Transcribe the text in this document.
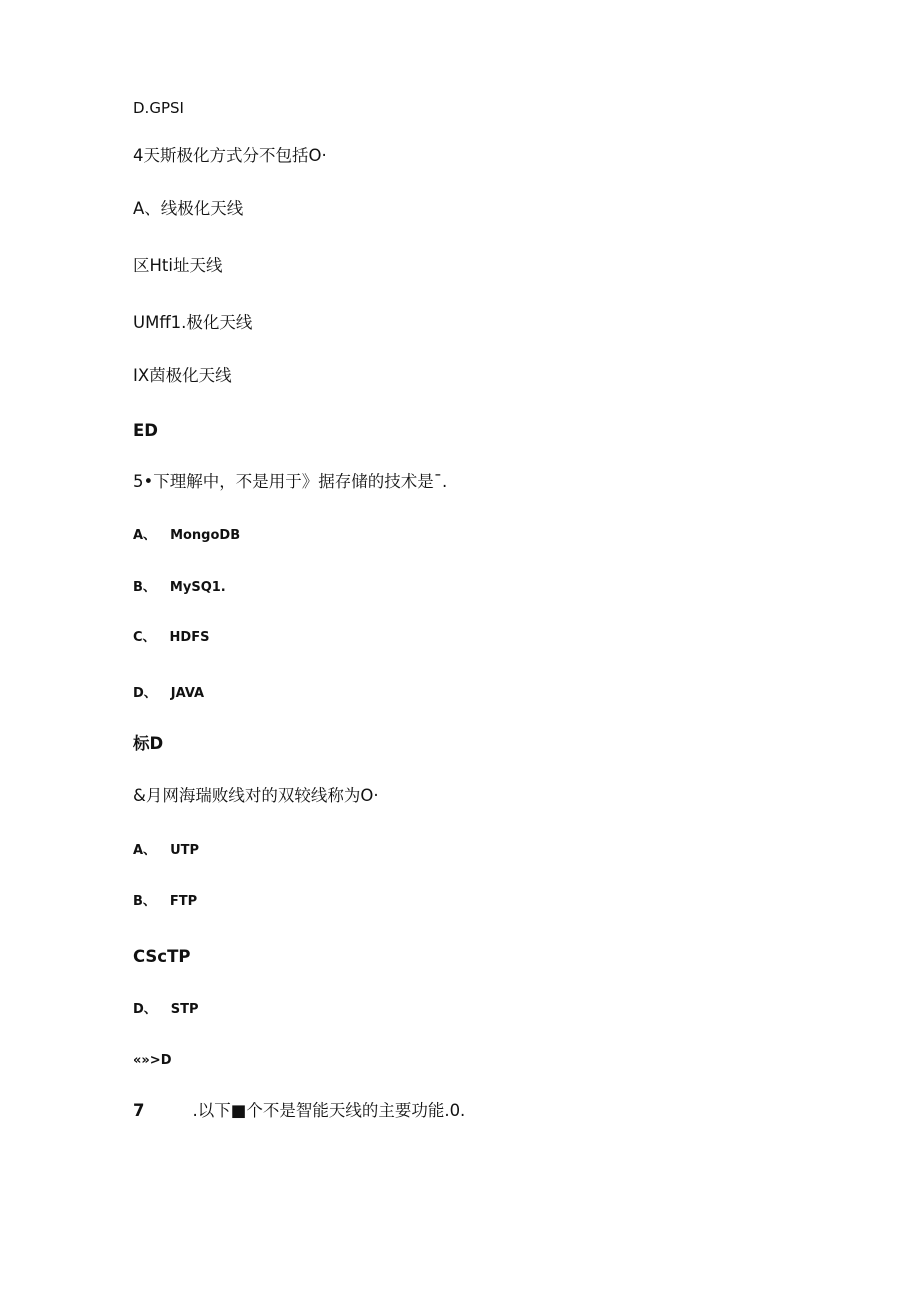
D.GPSI
4天斯极化方式分不包括O·
A、线极化天线
区Hti址天线
UMff1.极化天线
IX茵极化天线
ED
5•下理解中，不是用于》据存储的技术是¯.
A、 MongoDB
B、 MySQ1.
C、 HDFS
D、 JAVA
标D
&月网海瑞败线对的双较线称为O·
A、 UTP
B、 FTP
CScTP
D、 STP
«»>D
7	.以下■个不是智能天线的主要功能.0.
